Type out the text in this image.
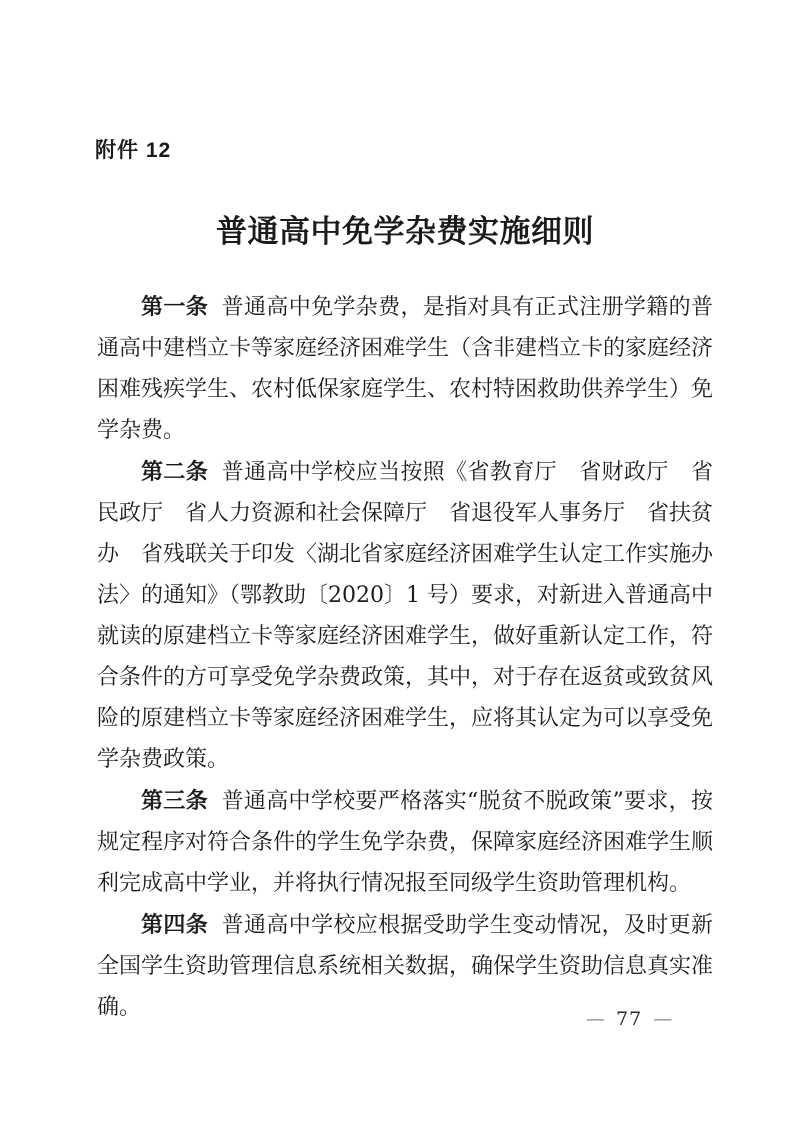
附件 12
普通高中免学杂费实施细则

第一条 普通高中免学杂费，是指对具有正式注册学籍的普通高中建档立卡等家庭经济困难学生（含非建档立卡的家庭经济困难残疾学生、农村低保家庭学生、农村特困救助供养学生）免学杂费。

第二条 普通高中学校应当按照《省教育厅　省财政厅　省民政厅　省人力资源和社会保障厅　省退役军人事务厅　省扶贫办　省残联关于印发〈湖北省家庭经济困难学生认定工作实施办法〉的通知》（鄂教助〔2020〕1 号）要求，对新进入普通高中就读的原建档立卡等家庭经济困难学生，做好重新认定工作，符合条件的方可享受免学杂费政策，其中，对于存在返贫或致贫风险的原建档立卡等家庭经济困难学生，应将其认定为可以享受免学杂费政策。

第三条 普通高中学校要严格落实“脱贫不脱政策”要求，按规定程序对符合条件的学生免学杂费，保障家庭经济困难学生顺利完成高中学业，并将执行情况报至同级学生资助管理机构。

第四条 普通高中学校应根据受助学生变动情况，及时更新全国学生资助管理信息系统相关数据，确保学生资助信息真实准确。	— 77 —
